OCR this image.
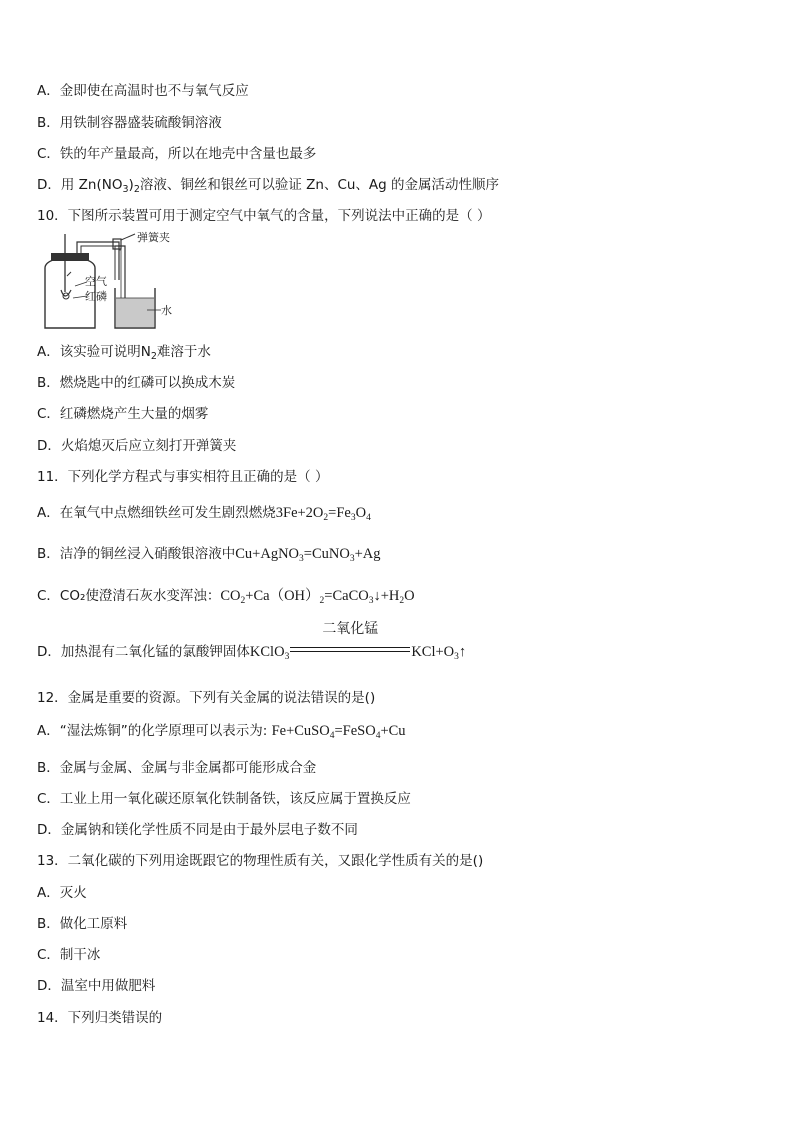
A．金即使在高温时也不与氧气反应
B．用铁制容器盛装硫酸铜溶液
C．铁的年产量最高，所以在地壳中含量也最多
D．用 $Zn(NO_3)_2$溶液、铜丝和银丝可以验证 Zn、Cu、Ag 的金属活动性顺序
10．下图所示装置可用于测定空气中氧气的含量，下列说法中正确的是（ ）
弹簧夹
空气
红磷
水
A．该实验可说明$N_2$难溶于水
B．燃烧匙中的红磷可以换成木炭
C．红磷燃烧产生大量的烟雾
D．火焰熄灭后应立刻打开弹簧夹
11．下列化学方程式与事实相符且正确的是（ ）
A．在氧气中点燃细铁丝可发生剧烈燃烧$3Fe+2O_2=Fe_3O_4$
B．洁净的铜丝浸入硝酸银溶液中Cu+AgNO$_3$=CuNO$_3$+Ag
C．CO₂使澄清石灰水变浑浊：$CO_2+Ca(OH)_2=CaCO_3↓+H_2O$
D．加热混有二氧化锰的氯酸钾固体KClO$_3$
二氧化锰
$KCl+O_3↑$
12．金属是重要的资源。下列有关金属的说法错误的是()
A．“湿法炼铜”的化学原理可以表示为: Fe+CuSO$_4$=FeSO$_4$+Cu
B．金属与金属、金属与非金属都可能形成合金
C．工业上用一氧化碳还原氧化铁制备铁，该反应属于置换反应
D．金属钠和镁化学性质不同是由于最外层电子数不同
13．二氧化碳的下列用途既跟它的物理性质有关，又跟化学性质有关的是()
A．灭火
B．做化工原料
C．制干冰
D．温室中用做肥料
14．下列归类错误的
